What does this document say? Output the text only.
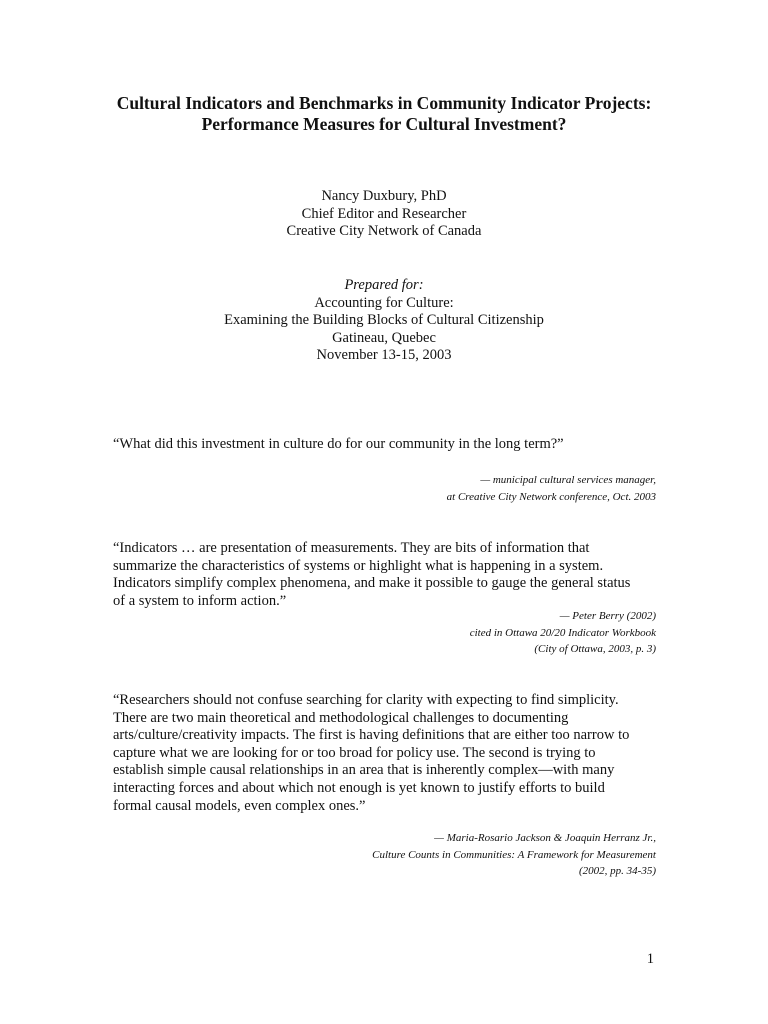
Cultural Indicators and Benchmarks in Community Indicator Projects:
Performance Measures for Cultural Investment?
Nancy Duxbury, PhD
Chief Editor and Researcher
Creative City Network of Canada
Prepared for:
Accounting for Culture:
Examining the Building Blocks of Cultural Citizenship
Gatineau, Quebec
November 13-15, 2003
“What did this investment in culture do for our community in the long term?”
— municipal cultural services manager,
at Creative City Network conference, Oct. 2003
“Indicators … are presentation of measurements. They are bits of information that
summarize the characteristics of systems or highlight what is happening in a system.
Indicators simplify complex phenomena, and make it possible to gauge the general status
of a system to inform action.”
— Peter Berry (2002)
cited in Ottawa 20/20 Indicator Workbook
(City of Ottawa, 2003, p. 3)
“Researchers should not confuse searching for clarity with expecting to find simplicity.
There are two main theoretical and methodological challenges to documenting
arts/culture/creativity impacts. The first is having definitions that are either too narrow to
capture what we are looking for or too broad for policy use. The second is trying to
establish simple causal relationships in an area that is inherently complex—with many
interacting forces and about which not enough is yet known to justify efforts to build
formal causal models, even complex ones.”
— Maria-Rosario Jackson & Joaquin Herranz Jr.,
Culture Counts in Communities: A Framework for Measurement
(2002, pp. 34-35)
1
